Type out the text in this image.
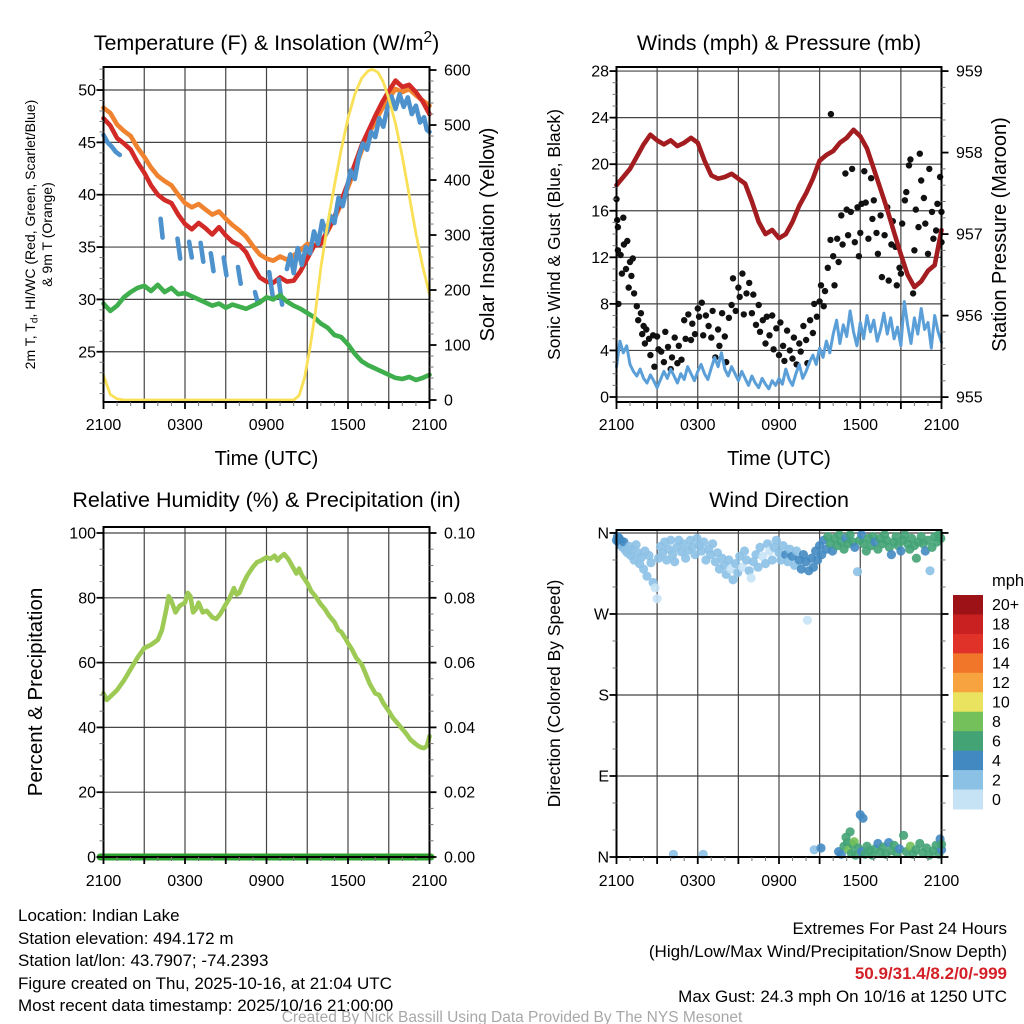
2100	0300	0900	1500	2100
25
30
35
40
45
50
0
100
200
300
400
500
600
Temperature (F) & Insolation $(W/m^2)$
Time (UTC)
2m T, Td, HI/WC (Red, Green, Scarlet/Blue) & 9m T (Orange)	Solar Insolation (Yellow)
2100	0300	0900	1500	2100
0
4
8
12
16
20
24
28
955
956
957
958
959
Winds (mph) & Pressure (mb)
Time (UTC)
Sonic Wind & Gust (Blue, Black)	Station Pressure (Maroon)
2100	0300	0900	1500	2100
0
20
40
60
80
100
0.00
0.02
0.04
0.06
0.08
0.10
Relative Humidity (%) & Precipitation (in)
Percent & Precipitation
2100	0300	0900	1500	2100
N
E
S
W
N
Wind Direction
Direction (Colored By Speed)	20+
18
16
14
12
10
8
6
4
2
0
mph
Location: Indian Lake
Station elevation: 494.172 m
Station lat/lon: 43.7907; -74.2393
Figure created on Thu, 2025-10-16, at 21:04 UTC
Most recent data timestamp: 2025/10/16 21:00:00
Extremes For Past 24 Hours
(High/Low/Max Wind/Precipitation/Snow Depth)
50.9/31.4/8.2/0/-999
Max Gust: 24.3 mph On 10/16 at 1250 UTC
Created By Nick Bassill Using Data Provided By The NYS Mesonet
